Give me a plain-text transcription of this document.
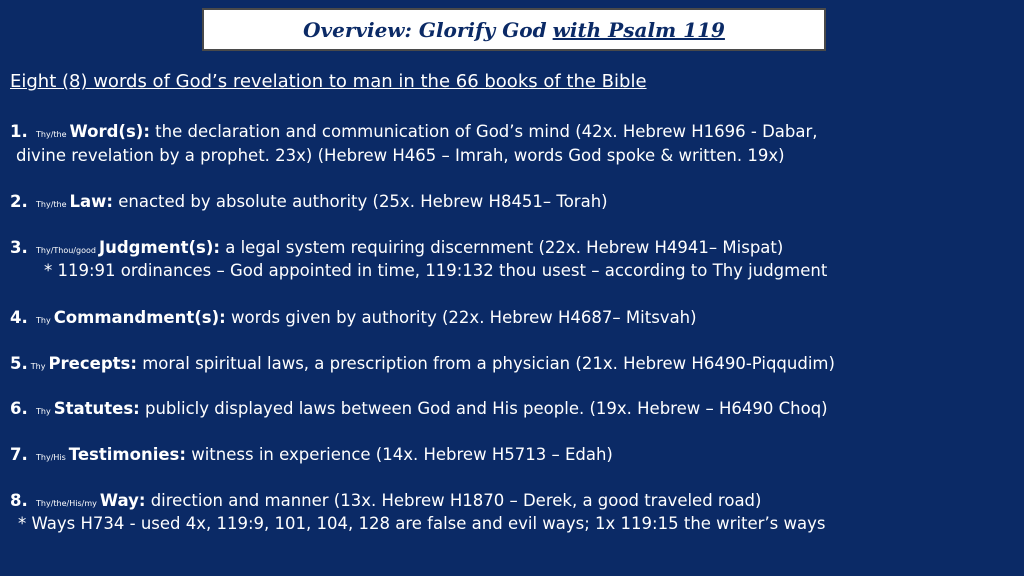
Overview: Glorify God with Psalm 119
Eight (8) words of God’s revelation to man in the 66 books of the Bible
1. Thy/the Word(s): the declaration and communication of God’s mind (42x. Hebrew H1696 - Dabar,
divine revelation by a prophet. 23x) (Hebrew H465 – Imrah, words God spoke & written. 19x)
2. Thy/the Law: enacted by absolute authority (25x. Hebrew H8451– Torah)
3. Thy/Thou/good Judgment(s): a legal system requiring discernment (22x. Hebrew H4941– Mispat)
* 119:91 ordinances – God appointed in time, 119:132 thou usest – according to Thy judgment
4. Thy Commandment(s): words given by authority (22x. Hebrew H4687– Mitsvah)
5. Thy Precepts: moral spiritual laws, a prescription from a physician (21x. Hebrew H6490-Piqqudim)
6. Thy Statutes: publicly displayed laws between God and His people. (19x. Hebrew – H6490 Choq)
7. Thy/His Testimonies: witness in experience (14x. Hebrew H5713 – Edah)
8. Thy/the/His/my Way: direction and manner (13x. Hebrew H1870 – Derek, a good traveled road)
* Ways H734 - used 4x, 119:9, 101, 104, 128 are false and evil ways; 1x 119:15 the writer’s ways
